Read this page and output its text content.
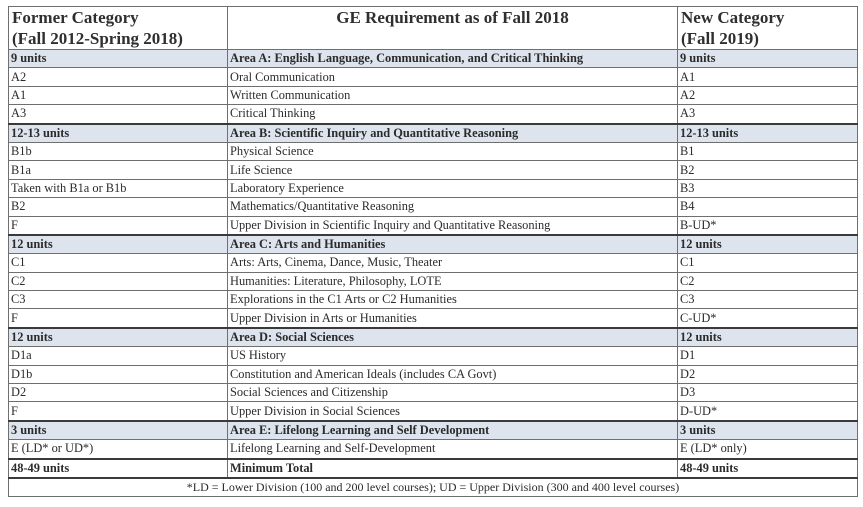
Former Category	GE Requirement as of Fall 2018	New Category
(Fall 2012-Spring 2018)		(Fall 2019)
9 units	Area A: English Language, Communication, and Critical Thinking	9 units
A2	Oral Communication	A1
A1	Written Communication	A2
A3	Critical Thinking	A3
12-13 units	Area B: Scientific Inquiry and Quantitative Reasoning	12-13 units
B1b	Physical Science	B1
B1a	Life Science	B2
Taken with B1a or B1b	Laboratory Experience	B3
B2	Mathematics/Quantitative Reasoning	B4
F	Upper Division in Scientific Inquiry and Quantitative Reasoning	B-UD*
12 units	Area C: Arts and Humanities	12 units
C1	Arts: Arts, Cinema, Dance, Music, Theater	C1
C2	Humanities: Literature, Philosophy, LOTE	C2
C3	Explorations in the C1 Arts or C2 Humanities	C3
F	Upper Division in Arts or Humanities	C-UD*
12 units	Area D: Social Sciences	12 units
D1a	US History	D1
D1b	Constitution and American Ideals (includes CA Govt)	D2
D2	Social Sciences and Citizenship	D3
F	Upper Division in Social Sciences	D-UD*
3 units	Area E: Lifelong Learning and Self Development	3 units
E (LD* or UD*)	Lifelong Learning and Self-Development	E (LD* only)
48-49 units	Minimum Total	48-49 units
*LD = Lower Division (100 and 200 level courses); UD = Upper Division (300 and 400 level courses)		
